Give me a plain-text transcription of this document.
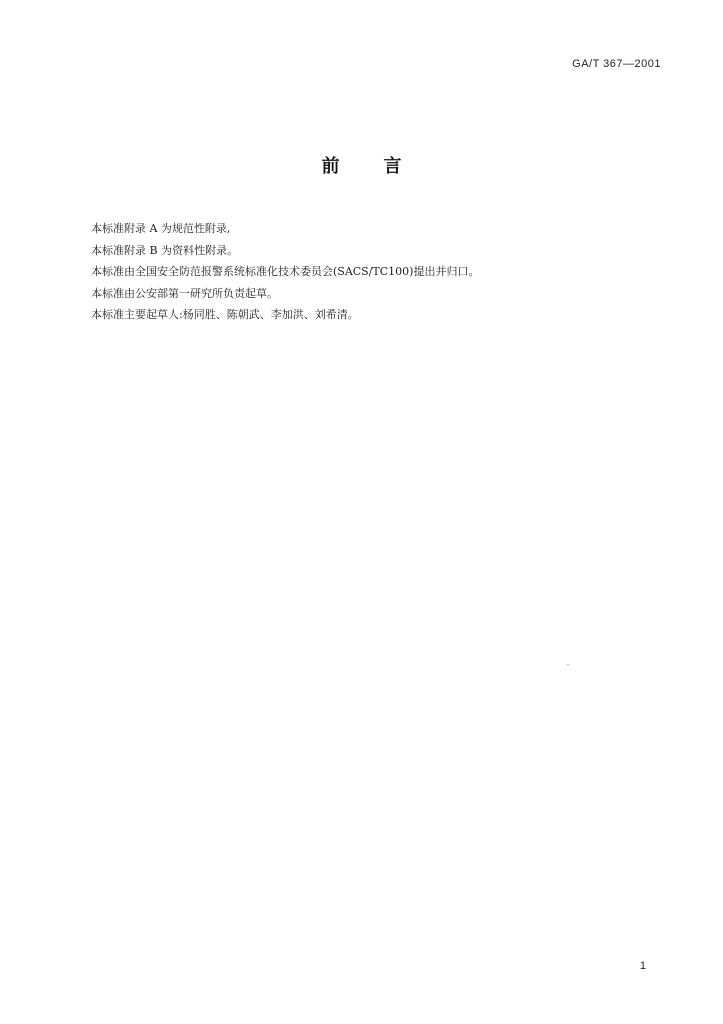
GA/T 367—2001
前言
本标准附录 A 为规范性附录,
本标准附录 B 为资料性附录。
本标准由全国安全防范报警系统标准化技术委员会(SACS/TC100)提出并归口。
本标准由公安部第一研究所负责起草。
本标准主要起草人:杨同胜、陈朝武、李加洪、刘希清。
1
